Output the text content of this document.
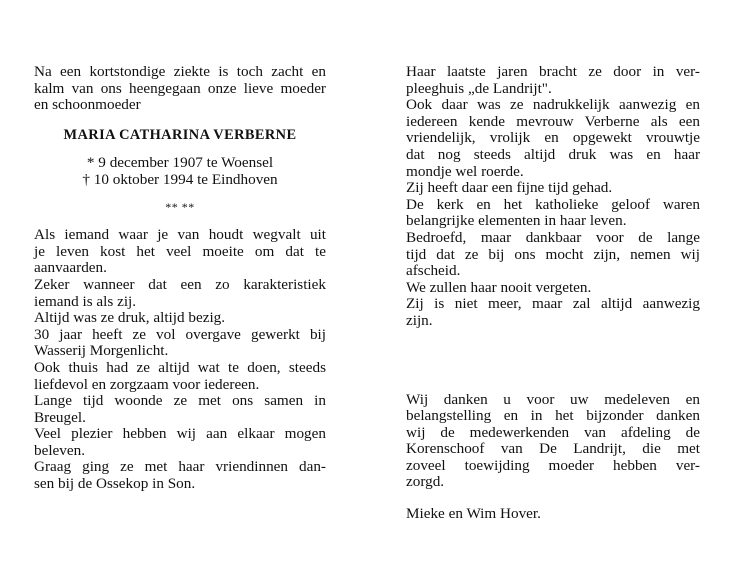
Na een kortstondige ziekte is toch zacht en
kalm van ons heengegaan onze lieve moeder
en schoonmoeder

MARIA CATHARINA VERBERNE
* 9 december 1907 te Woensel
† 10 oktober 1994 te Eindhoven
** **

Als iemand waar je van houdt wegvalt uit
je leven kost het veel moeite om dat te
aanvaarden.

Zeker wanneer dat een zo karakteristiek
iemand is als zij.

Altijd was ze druk, altijd bezig.

30 jaar heeft ze vol overgave gewerkt bij
Wasserij Morgenlicht.

Ook thuis had ze altijd wat te doen, steeds
liefdevol en zorgzaam voor iedereen.

Lange tijd woonde ze met ons samen in
Breugel.

Veel plezier hebben wij aan elkaar mogen
beleven.

Graag ging ze met haar vriendinnen dan-
sen bij de Ossekop in Son.

Haar laatste jaren bracht ze door in ver-
pleeghuis „de Landrijt".

Ook daar was ze nadrukkelijk aanwezig en
iedereen kende mevrouw Verberne als een
vriendelijk, vrolijk en opgewekt vrouwtje
dat nog steeds altijd druk was en haar
mondje wel roerde.

Zij heeft daar een fijne tijd gehad.

De kerk en het katholieke geloof waren
belangrijke elementen in haar leven.

Bedroefd, maar dankbaar voor de lange
tijd dat ze bij ons mocht zijn, nemen wij
afscheid.

We zullen haar nooit vergeten.

Zij is niet meer, maar zal altijd aanwezig
zijn.

Wij danken u voor uw medeleven en
belangstelling en in het bijzonder danken
wij de medewerkenden van afdeling de
Korenschoof van De Landrijt, die met
zoveel toewijding moeder hebben ver-
zorgd.

Mieke en Wim Hover.
